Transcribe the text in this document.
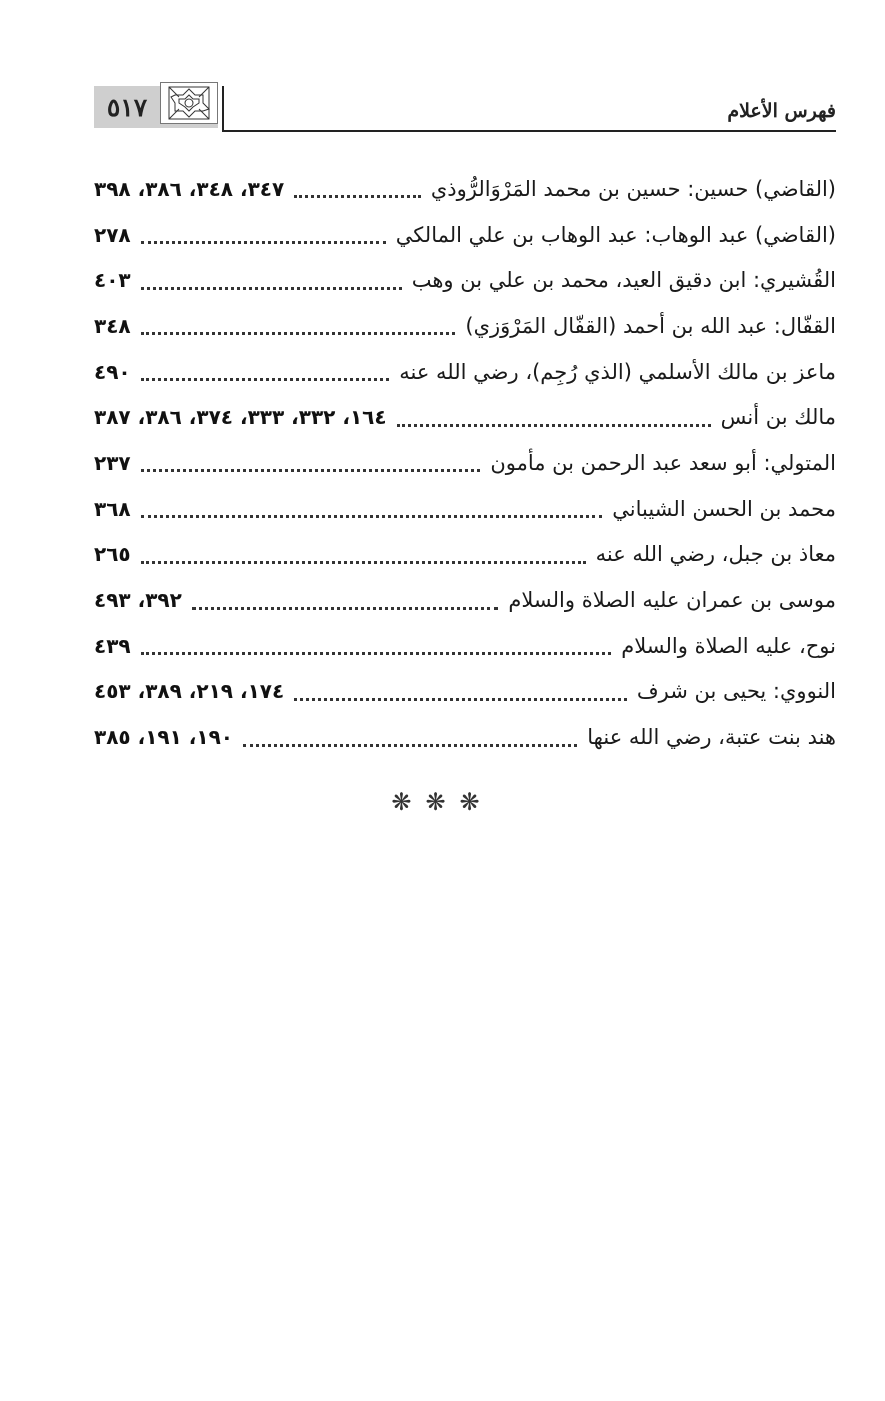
٥١٧	فهرس الأعلام
(القاضي) حسين: حسين بن محمد المَرْوَالرُّوذي
٣٤٧، ٣٤٨، ٣٨٦، ٣٩٨
(القاضي) عبد الوهاب: عبد الوهاب بن علي المالكي
٢٧٨
القُشيري: ابن دقيق العيد، محمد بن علي بن وهب
٤٠٣
القفّال: عبد الله بن أحمد (القفّال المَرْوَزي)
٣٤٨
ماعز بن مالك الأسلمي (الذي رُجِم)، رضي الله عنه
٤٩٠
مالك بن أنس
١٦٤، ٣٣٢، ٣٣٣، ٣٧٤، ٣٨٦، ٣٨٧
المتولي: أبو سعد عبد الرحمن بن مأمون
٢٣٧
محمد بن الحسن الشيباني
٣٦٨
معاذ بن جبل، رضي الله عنه
٢٦٥
موسى بن عمران عليه الصلاة والسلام
٣٩٢، ٤٩٣
نوح، عليه الصلاة والسلام
٤٣٩
النووي: يحيى بن شرف
١٧٤، ٢١٩، ٣٨٩، ٤٥٣
هند بنت عتبة، رضي الله عنها
١٩٠، ١٩١، ٣٨٥
❋❋❋
